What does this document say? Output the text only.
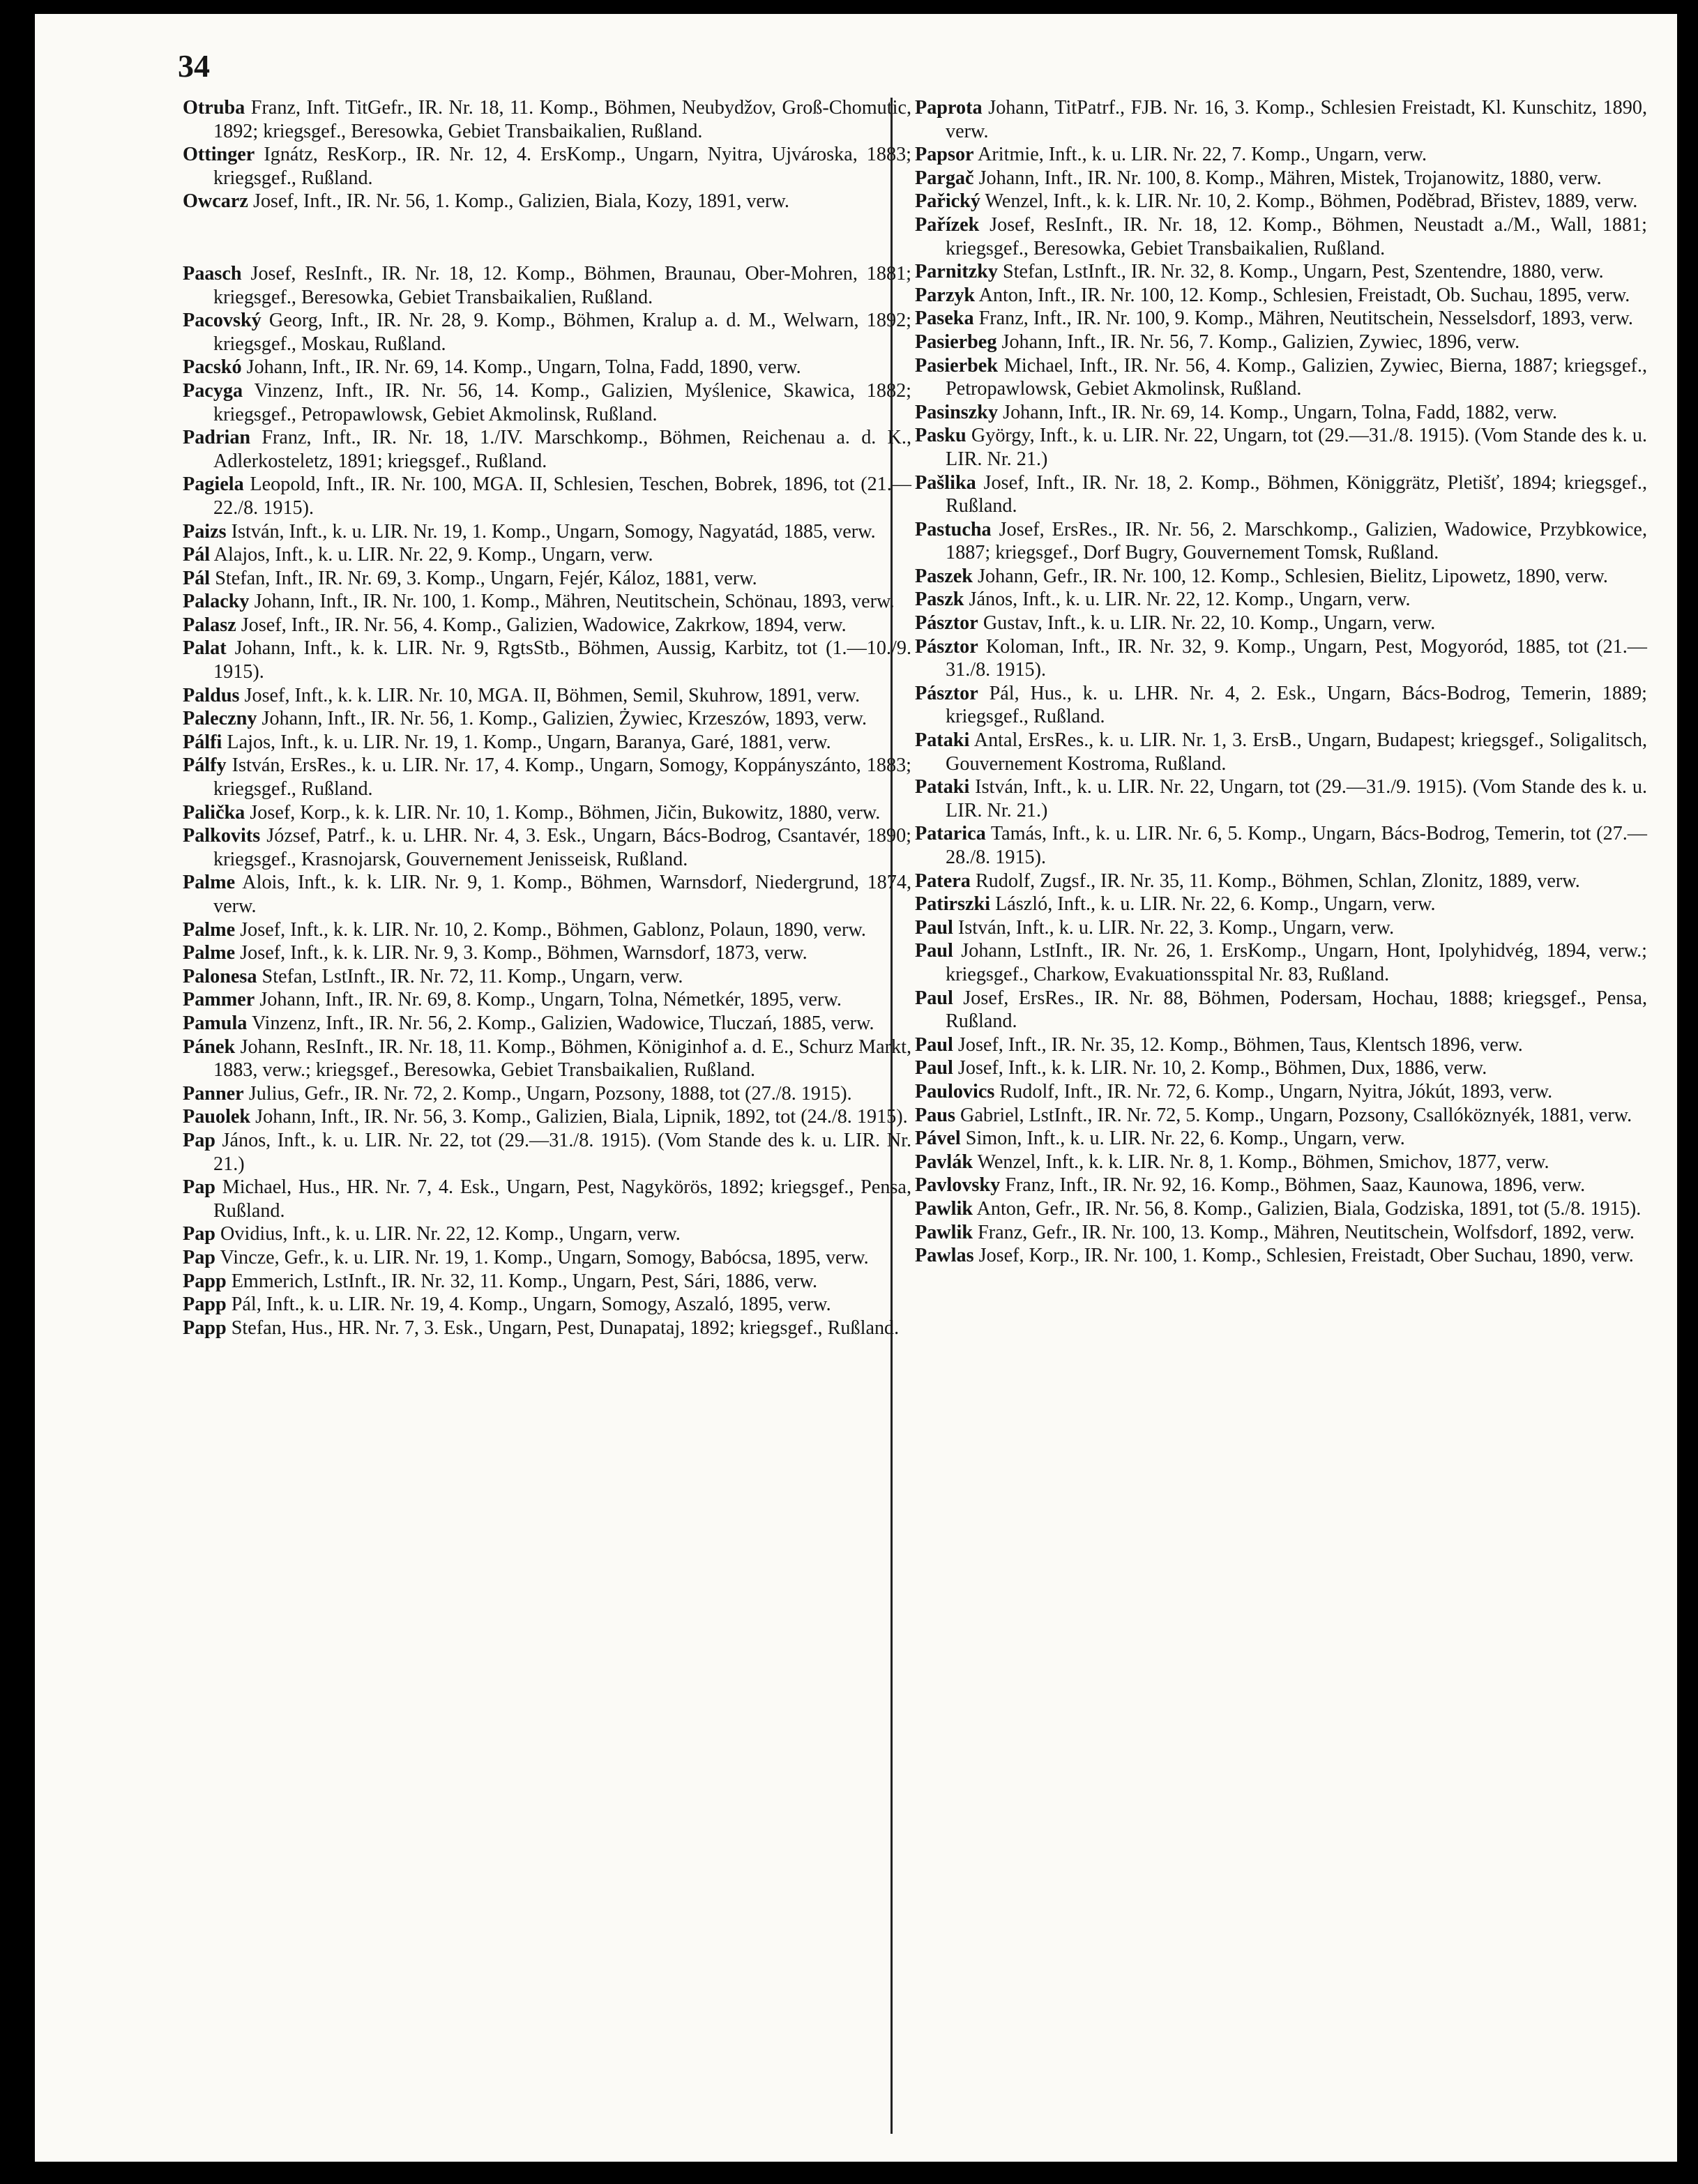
34
Otruba Franz, Inft. TitGefr., IR. Nr. 18, 11. Komp., Böhmen, Neubydžov, Groß-Chomutic, 1892; kriegsgef., Beresowka, Gebiet Transbaikalien, Rußland.
Ottinger Ignátz, ResKorp., IR. Nr. 12, 4. ErsKomp., Ungarn, Nyitra, Ujvároska, 1883; kriegsgef., Rußland.
Owcarz Josef, Inft., IR. Nr. 56, 1. Komp., Galizien, Biala, Kozy, 1891, verw.
Paasch Josef, ResInft., IR. Nr. 18, 12. Komp., Böhmen, Braunau, Ober-Mohren, 1881; kriegsgef., Beresowka, Gebiet Transbaikalien, Rußland.
Pacovský Georg, Inft., IR. Nr. 28, 9. Komp., Böhmen, Kralup a. d. M., Welwarn, 1892; kriegsgef., Moskau, Rußland.
Pacskó Johann, Inft., IR. Nr. 69, 14. Komp., Ungarn, Tolna, Fadd, 1890, verw.
Pacyga Vinzenz, Inft., IR. Nr. 56, 14. Komp., Galizien, Myślenice, Skawica, 1882; kriegsgef., Petropawlowsk, Gebiet Akmolinsk, Rußland.
Padrian Franz, Inft., IR. Nr. 18, 1./IV. Marschkomp., Böhmen, Reichenau a. d. K., Adlerkosteletz, 1891; kriegsgef., Rußland.
Pagiela Leopold, Inft., IR. Nr. 100, MGA. II, Schlesien, Teschen, Bobrek, 1896, tot (21.—22./8. 1915).
Paizs István, Inft., k. u. LIR. Nr. 19, 1. Komp., Ungarn, Somogy, Nagyatád, 1885, verw.
Pál Alajos, Inft., k. u. LIR. Nr. 22, 9. Komp., Ungarn, verw.
Pál Stefan, Inft., IR. Nr. 69, 3. Komp., Ungarn, Fejér, Káloz, 1881, verw.
Palacky Johann, Inft., IR. Nr. 100, 1. Komp., Mähren, Neutitschein, Schönau, 1893, verw.
Palasz Josef, Inft., IR. Nr. 56, 4. Komp., Galizien, Wadowice, Zakrkow, 1894, verw.
Palat Johann, Inft., k. k. LIR. Nr. 9, RgtsStb., Böhmen, Aussig, Karbitz, tot (1.—10./9. 1915).
Paldus Josef, Inft., k. k. LIR. Nr. 10, MGA. II, Böhmen, Semil, Skuhrow, 1891, verw.
Paleczny Johann, Inft., IR. Nr. 56, 1. Komp., Galizien, Żywiec, Krzeszów, 1893, verw.
Pálfi Lajos, Inft., k. u. LIR. Nr. 19, 1. Komp., Ungarn, Baranya, Garé, 1881, verw.
Pálfy István, ErsRes., k. u. LIR. Nr. 17, 4. Komp., Ungarn, Somogy, Koppányszánto, 1883; kriegsgef., Rußland.
Palička Josef, Korp., k. k. LIR. Nr. 10, 1. Komp., Böhmen, Jičin, Bukowitz, 1880, verw.
Palkovits József, Patrf., k. u. LHR. Nr. 4, 3. Esk., Ungarn, Bács-Bodrog, Csantavér, 1890; kriegsgef., Krasnojarsk, Gouvernement Jenisseisk, Rußland.
Palme Alois, Inft., k. k. LIR. Nr. 9, 1. Komp., Böhmen, Warnsdorf, Niedergrund, 1874, verw.
Palme Josef, Inft., k. k. LIR. Nr. 10, 2. Komp., Böhmen, Gablonz, Polaun, 1890, verw.
Palme Josef, Inft., k. k. LIR. Nr. 9, 3. Komp., Böhmen, Warnsdorf, 1873, verw.
Palonesa Stefan, LstInft., IR. Nr. 72, 11. Komp., Ungarn, verw.
Pammer Johann, Inft., IR. Nr. 69, 8. Komp., Ungarn, Tolna, Németkér, 1895, verw.
Pamula Vinzenz, Inft., IR. Nr. 56, 2. Komp., Galizien, Wadowice, Tluczań, 1885, verw.
Pánek Johann, ResInft., IR. Nr. 18, 11. Komp., Böhmen, Königinhof a. d. E., Schurz Markt, 1883, verw.; kriegsgef., Beresowka, Gebiet Transbaikalien, Rußland.
Panner Julius, Gefr., IR. Nr. 72, 2. Komp., Ungarn, Pozsony, 1888, tot (27./8. 1915).
Pauolek Johann, Inft., IR. Nr. 56, 3. Komp., Galizien, Biala, Lipnik, 1892, tot (24./8. 1915).
Pap János, Inft., k. u. LIR. Nr. 22, tot (29.—31./8. 1915). (Vom Stande des k. u. LIR. Nr. 21.)
Pap Michael, Hus., HR. Nr. 7, 4. Esk., Ungarn, Pest, Nagykörös, 1892; kriegsgef., Pensa, Rußland.
Pap Ovidius, Inft., k. u. LIR. Nr. 22, 12. Komp., Ungarn, verw.
Pap Vincze, Gefr., k. u. LIR. Nr. 19, 1. Komp., Ungarn, Somogy, Babócsa, 1895, verw.
Papp Emmerich, LstInft., IR. Nr. 32, 11. Komp., Ungarn, Pest, Sári, 1886, verw.
Papp Pál, Inft., k. u. LIR. Nr. 19, 4. Komp., Ungarn, Somogy, Aszaló, 1895, verw.
Papp Stefan, Hus., HR. Nr. 7, 3. Esk., Ungarn, Pest, Dunapataj, 1892; kriegsgef., Rußland.
Paprota Johann, TitPatrf., FJB. Nr. 16, 3. Komp., Schlesien Freistadt, Kl. Kunschitz, 1890, verw.
Papsor Aritmie, Inft., k. u. LIR. Nr. 22, 7. Komp., Ungarn, verw.
Pargač Johann, Inft., IR. Nr. 100, 8. Komp., Mähren, Mistek, Trojanowitz, 1880, verw.
Pařický Wenzel, Inft., k. k. LIR. Nr. 10, 2. Komp., Böhmen, Poděbrad, Břistev, 1889, verw.
Pařízek Josef, ResInft., IR. Nr. 18, 12. Komp., Böhmen, Neustadt a./M., Wall, 1881; kriegsgef., Beresowka, Gebiet Transbaikalien, Rußland.
Parnitzky Stefan, LstInft., IR. Nr. 32, 8. Komp., Ungarn, Pest, Szentendre, 1880, verw.
Parzyk Anton, Inft., IR. Nr. 100, 12. Komp., Schlesien, Freistadt, Ob. Suchau, 1895, verw.
Paseka Franz, Inft., IR. Nr. 100, 9. Komp., Mähren, Neutitschein, Nesselsdorf, 1893, verw.
Pasierbeg Johann, Inft., IR. Nr. 56, 7. Komp., Galizien, Zywiec, 1896, verw.
Pasierbek Michael, Inft., IR. Nr. 56, 4. Komp., Galizien, Zywiec, Bierna, 1887; kriegsgef., Petropawlowsk, Gebiet Akmolinsk, Rußland.
Pasinszky Johann, Inft., IR. Nr. 69, 14. Komp., Ungarn, Tolna, Fadd, 1882, verw.
Pasku György, Inft., k. u. LIR. Nr. 22, Ungarn, tot (29.—31./8. 1915). (Vom Stande des k. u. LIR. Nr. 21.)
Pašlika Josef, Inft., IR. Nr. 18, 2. Komp., Böhmen, Königgrätz, Pletišť, 1894; kriegsgef., Rußland.
Pastucha Josef, ErsRes., IR. Nr. 56, 2. Marschkomp., Galizien, Wadowice, Przybkowice, 1887; kriegsgef., Dorf Bugry, Gouvernement Tomsk, Rußland.
Paszek Johann, Gefr., IR. Nr. 100, 12. Komp., Schlesien, Bielitz, Lipowetz, 1890, verw.
Paszk János, Inft., k. u. LIR. Nr. 22, 12. Komp., Ungarn, verw.
Pásztor Gustav, Inft., k. u. LIR. Nr. 22, 10. Komp., Ungarn, verw.
Pásztor Koloman, Inft., IR. Nr. 32, 9. Komp., Ungarn, Pest, Mogyoród, 1885, tot (21.—31./8. 1915).
Pásztor Pál, Hus., k. u. LHR. Nr. 4, 2. Esk., Ungarn, Bács-Bodrog, Temerin, 1889; kriegsgef., Rußland.
Pataki Antal, ErsRes., k. u. LIR. Nr. 1, 3. ErsB., Ungarn, Budapest; kriegsgef., Soligalitsch, Gouvernement Kostroma, Rußland.
Pataki István, Inft., k. u. LIR. Nr. 22, Ungarn, tot (29.—31./9. 1915). (Vom Stande des k. u. LIR. Nr. 21.)
Patarica Tamás, Inft., k. u. LIR. Nr. 6, 5. Komp., Ungarn, Bács-Bodrog, Temerin, tot (27.—28./8. 1915).
Patera Rudolf, Zugsf., IR. Nr. 35, 11. Komp., Böhmen, Schlan, Zlonitz, 1889, verw.
Patirszki László, Inft., k. u. LIR. Nr. 22, 6. Komp., Ungarn, verw.
Paul István, Inft., k. u. LIR. Nr. 22, 3. Komp., Ungarn, verw.
Paul Johann, LstInft., IR. Nr. 26, 1. ErsKomp., Ungarn, Hont, Ipolyhidvég, 1894, verw.; kriegsgef., Charkow, Evakuationsspital Nr. 83, Rußland.
Paul Josef, ErsRes., IR. Nr. 88, Böhmen, Podersam, Hochau, 1888; kriegsgef., Pensa, Rußland.
Paul Josef, Inft., IR. Nr. 35, 12. Komp., Böhmen, Taus, Klentsch 1896, verw.
Paul Josef, Inft., k. k. LIR. Nr. 10, 2. Komp., Böhmen, Dux, 1886, verw.
Paulovics Rudolf, Inft., IR. Nr. 72, 6. Komp., Ungarn, Nyitra, Jókút, 1893, verw.
Paus Gabriel, LstInft., IR. Nr. 72, 5. Komp., Ungarn, Pozsony, Csallóköznyék, 1881, verw.
Pável Simon, Inft., k. u. LIR. Nr. 22, 6. Komp., Ungarn, verw.
Pavlák Wenzel, Inft., k. k. LIR. Nr. 8, 1. Komp., Böhmen, Smichov, 1877, verw.
Pavlovsky Franz, Inft., IR. Nr. 92, 16. Komp., Böhmen, Saaz, Kaunowa, 1896, verw.
Pawlik Anton, Gefr., IR. Nr. 56, 8. Komp., Galizien, Biala, Godziska, 1891, tot (5./8. 1915).
Pawlik Franz, Gefr., IR. Nr. 100, 13. Komp., Mähren, Neutitschein, Wolfsdorf, 1892, verw.
Pawlas Josef, Korp., IR. Nr. 100, 1. Komp., Schlesien, Freistadt, Ober Suchau, 1890, verw.
